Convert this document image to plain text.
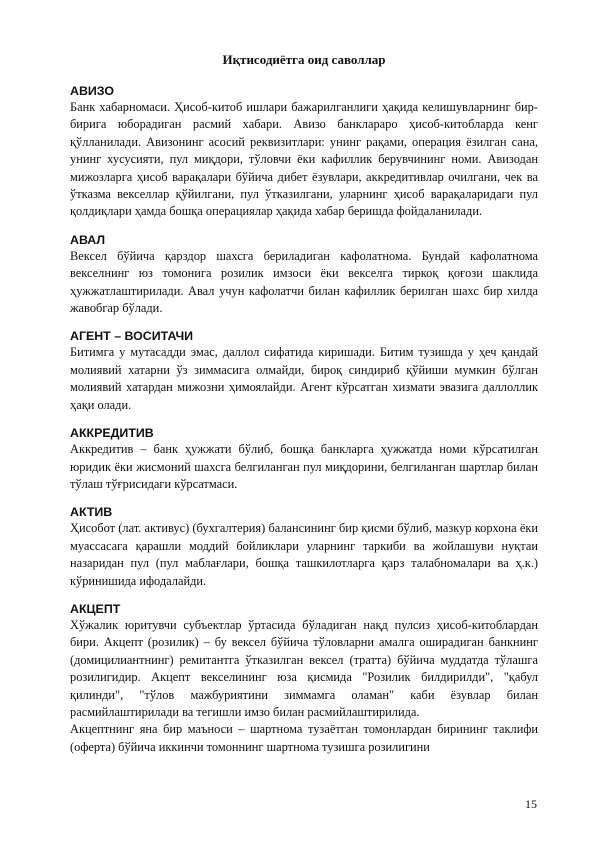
Иқтисодиётга оид саволлар
АВИЗО

Банк хабарномаси. Ҳисоб-китоб ишлари бажарилганлиги ҳақида келишувларнинг бир-бирига юборадиган расмий хабари. Авизо банклараро ҳисоб-китобларда кенг қўлланилади. Авизонинг асосий реквизитлари: унинг рақами, операция ёзилган сана, унинг хусусияти, пул миқдори, тўловчи ёки кафиллик берувчининг номи. Авизодан мижозларга ҳисоб варақалари бўйича дибет ёзувлари, аккредитивлар очилгани, чек ва ўтказма векселлар қўйилгани, пул ўтказилгани, уларнинг ҳисоб варақаларидаги пул қолдиқлари ҳамда бошқа операциялар ҳақида хабар беришда фойдаланилади.

АВАЛ

Вексел бўйича қарздор шахсга бериладиган кафолатнома. Бундай кафолатнома векселнинг юз томонига розилик имзоси ёки векселга тиркоқ қоғози шаклида ҳужжатлаштирилади. Авал учун кафолатчи билан кафиллик берилган шахс бир хилда жавобгар бўлади.

АГЕНТ – ВОСИТАЧИ

Битимга у мутасадди эмас, даллол сифатида киришади. Битим тузишда у ҳеч қандай молиявий хатарни ўз зиммасига олмайди, бироқ синдириб қўйиши мумкин бўлган молиявий хатардан мижозни ҳимоялайди. Агент кўрсатган хизмати эвазига даллоллик ҳақи олади.

АККРЕДИТИВ

Аккредитив – банк ҳужжати бўлиб, бошқа банкларга ҳужжатда номи кўрсатилган юридик ёки жисмоний шахсга белгиланган пул миқдорини, белгиланган шартлар билан тўлаш тўғрисидаги кўрсатмаси.

АКТИВ

Ҳисобот (лат. активус) (бухгалтерия) балансининг бир қисми бўлиб, мазкур корхона ёки муассасага қарашли моддий бойликлари уларнинг таркиби ва жойлашуви нуқтаи назаридан пул (пул маблағлари, бошқа ташкилотларга қарз талабномалари ва ҳ.к.) кўринишида ифодалайди.

АКЦЕПТ

Хўжалик юритувчи субъектлар ўртасида бўладиган нақд пулсиз ҳисоб-китоблардан бири. Акцепт (розилик) – бу вексел бўйича тўловларни амалга оширадиган банкнинг (домицилиантнинг) ремитантга ўтказилган вексел (тратта) бўйича муддатда тўлашга розилигидир. Акцепт векселининг юза қисмида "Розилик билдирилди", "қабул қилинди", "тўлов мажбуриятини зиммамга оламан" каби ёзувлар билан расмийлаштирилади ва тегишли имзо билан расмийлаштирилида.

Акцептнинг яна бир маъноси – шартнома тузаётган томонлардан бирининг таклифи (оферта) бўйича иккинчи томоннинг шартнома тузишга розилигини

15
